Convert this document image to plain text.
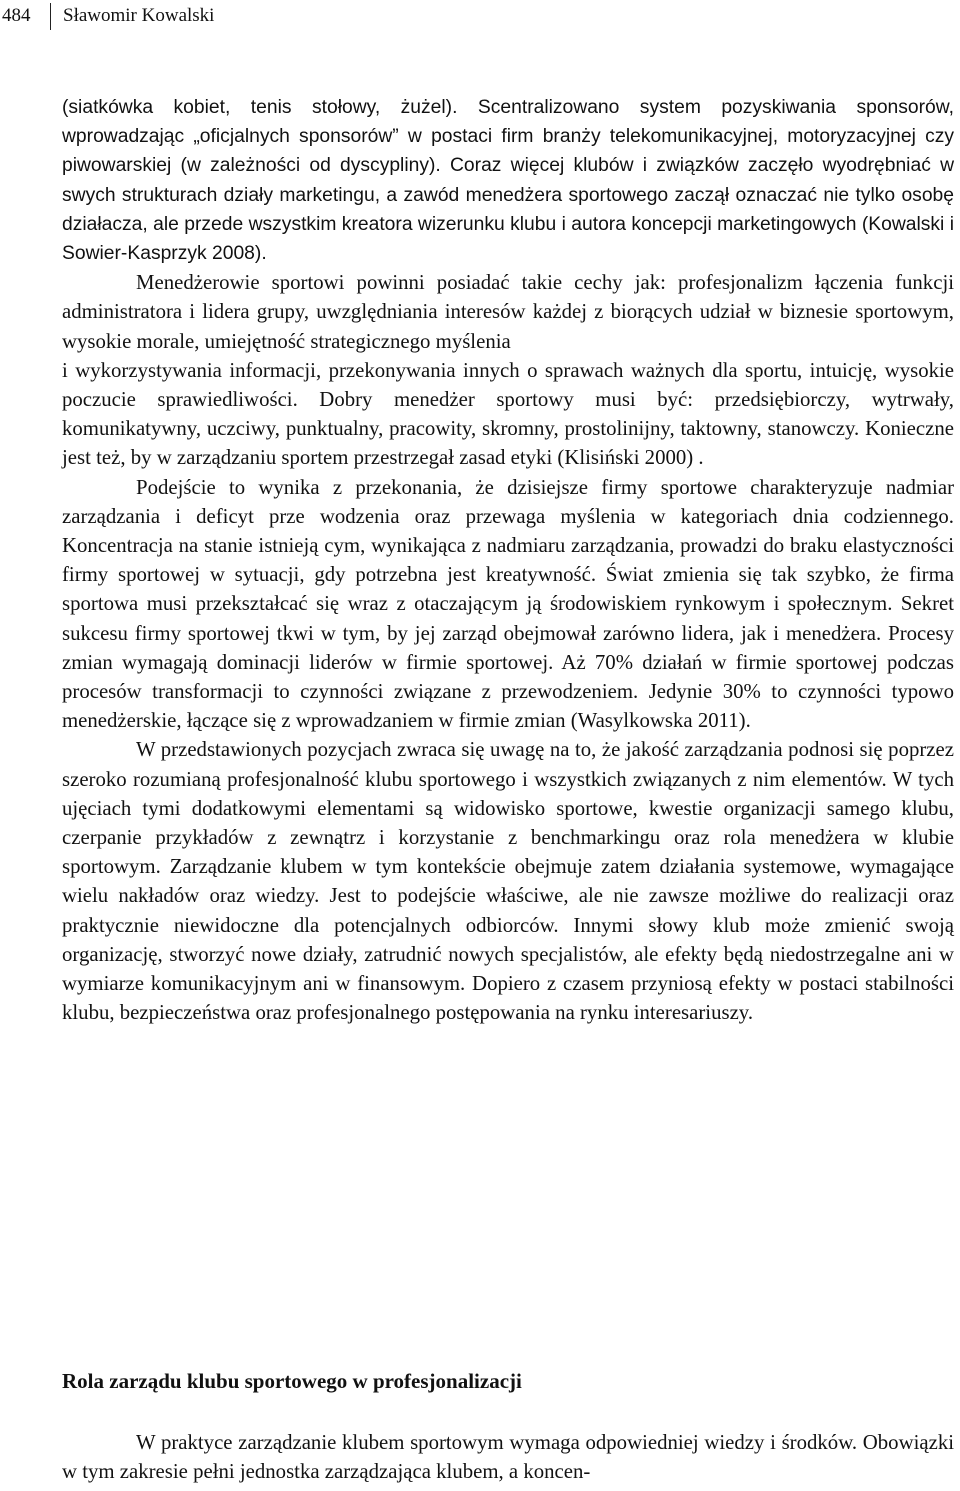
484	Sławomir Kowalski

(siatkówka kobiet, tenis stołowy, żużel). Scentralizowano system pozyskiwania sponsorów, wprowadzając „oficjalnych sponsorów” w postaci firm branży telekomunikacyjnej, motoryzacyjnej czy piwowarskiej (w zależności od dyscypliny). Coraz więcej klubów i związków zaczęło wyodrębniać w swych strukturach działy marketingu, a zawód menedżera sportowego zaczął oznaczać nie tylko osobę działacza, ale przede wszystkim kreatora wizerunku klubu i autora koncepcji marketingowych (Kowalski i Sowier-Kasprzyk 2008).

Menedżerowie sportowi powinni posiadać takie cechy jak: profesjonalizm łączenia funkcji administratora i lidera grupy, uwzględniania interesów każdej z biorących udział w biznesie sportowym, wysokie morale, umiejętność strategicznego myślenia

i wykorzystywania informacji, przekonywania innych o sprawach ważnych dla sportu, intuicję, wysokie poczucie sprawiedliwości. Dobry menedżer sportowy musi być: przedsiębiorczy, wytrwały, komunikatywny, uczciwy, punktualny, pracowity, skromny, prostolinijny, taktowny, stanowczy. Konieczne jest też, by w zarządzaniu sportem przestrzegał zasad etyki (Klisiński 2000) .

Podejście to wynika z przekonania, że dzisiejsze firmy sportowe charakteryzuje nadmiar zarządzania i deficyt prze wodzenia oraz przewaga myślenia w kategoriach dnia codziennego. Koncentracja na stanie istnieją cym, wynikająca z nadmiaru zarządzania, prowadzi do braku elastyczności firmy sportowej w sytuacji, gdy potrzebna jest kreatywność. Świat zmienia się tak szybko, że firma sportowa musi przekształcać się wraz z otaczającym ją środowiskiem rynkowym i społecznym. Sekret sukcesu firmy sportowej tkwi w tym, by jej zarząd obejmował zarówno lidera, jak i menedżera. Procesy zmian wymagają dominacji liderów w firmie sportowej. Aż 70% działań w firmie sportowej podczas procesów transformacji to czynności związane z przewodzeniem. Jedynie 30% to czynności typowo menedżerskie, łączące się z wprowadzaniem w firmie zmian (Wasylkowska 2011).

W przedstawionych pozycjach zwraca się uwagę na to, że jakość zarządzania podnosi się poprzez szeroko rozumianą profesjonalność klubu sportowego i wszystkich związanych z nim elementów. W tych ujęciach tymi dodatkowymi elementami są widowisko sportowe, kwestie organizacji samego klubu, czerpanie przykładów z zewnątrz i korzystanie z benchmarkingu oraz rola menedżera w klubie sportowym. Zarządzanie klubem w tym kontekście obejmuje zatem działania systemowe, wymagające wielu nakładów oraz wiedzy. Jest to podejście właściwe, ale nie zawsze możliwe do realizacji oraz praktycznie niewidoczne dla potencjalnych odbiorców. Innymi słowy klub może zmienić swoją organizację, stworzyć nowe działy, zatrudnić nowych specjalistów, ale efekty będą niedostrzegalne ani w wymiarze komunikacyjnym ani w finansowym. Dopiero z czasem przyniosą efekty w postaci stabilności klubu, bezpieczeństwa oraz profesjonalnego postępowania na rynku interesariuszy.

Rola zarządu klubu sportowego w profesjonalizacji

W praktyce zarządzanie klubem sportowym wymaga odpowiedniej wiedzy i środków. Obowiązki w tym zakresie pełni jednostka zarządzająca klubem, a koncen-
